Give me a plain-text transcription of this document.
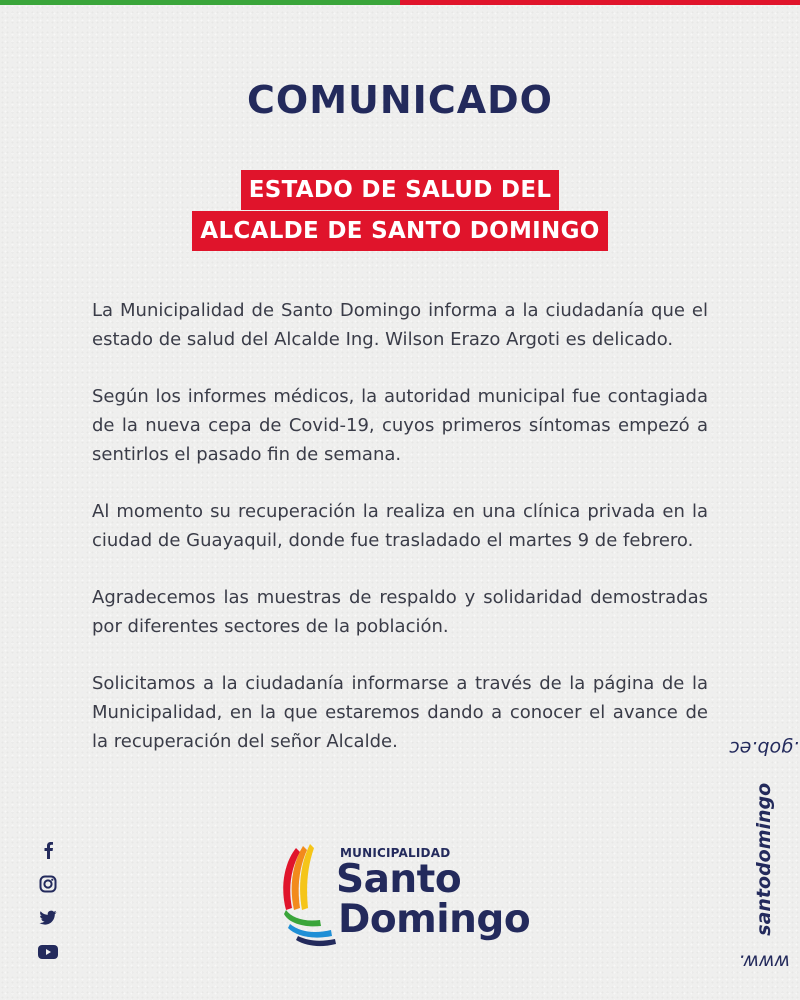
COMUNICADO
ESTADO DE SALUD DEL
ALCALDE DE SANTO DOMINGO

La Municipalidad de Santo Domingo informa a la ciudadanía que el estado de salud del Alcalde Ing. Wilson Erazo Argoti es delicado.

Según los informes médicos, la autoridad municipal fue contagiada de la nueva cepa de Covid-19, cuyos primeros síntomas empezó a sentirlos el pasado fin de semana.

Al momento su recuperación la realiza en una clínica privada en la ciudad de Guayaquil, donde fue trasladado el martes 9 de febrero.

Agradecemos las muestras de respaldo y solidaridad demostradas por diferentes sectores de la población.

Solicitamos a la ciudadanía informarse a través de la página de la Municipalidad, en la que estaremos dando a conocer el avance de la recuperación del señor Alcalde.

www.santodomingo.gob.ec
MUNICIPALIDAD
Santo
Domingo
